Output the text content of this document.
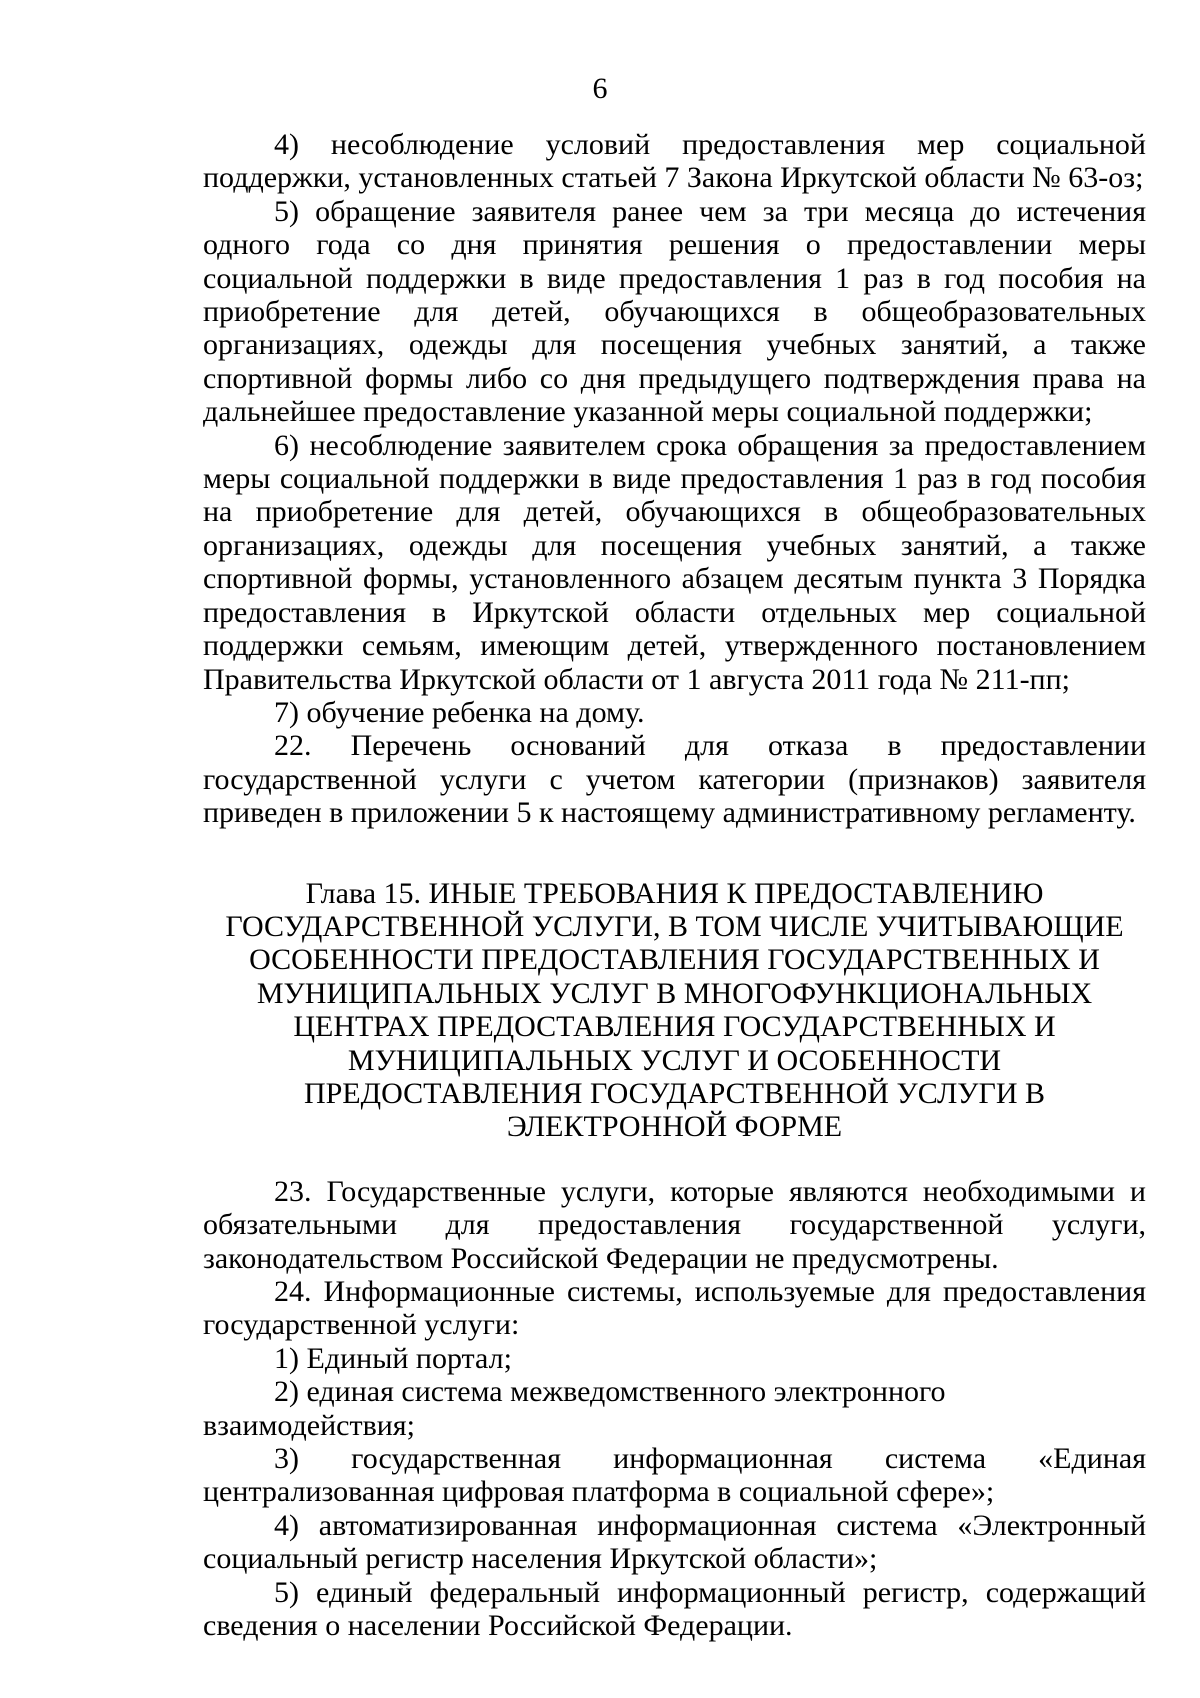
6

4) несоблюдение условий предоставления мер социальной поддержки, установленных статьей 7 Закона Иркутской области № 63-оз;

5) обращение заявителя ранее чем за три месяца до истечения одного года со дня принятия решения о предоставлении меры социальной поддержки в виде предоставления 1 раз в год пособия на приобретение для детей, обучающихся в общеобразовательных организациях, одежды для посещения учебных занятий, а также спортивной формы либо со дня предыдущего подтверждения права на дальнейшее предоставление указанной меры социальной поддержки;

6) несоблюдение заявителем срока обращения за предоставлением меры социальной поддержки в виде предоставления 1 раз в год пособия на приобретение для детей, обучающихся в общеобразовательных организациях, одежды для посещения учебных занятий, а также спортивной формы, установленного абзацем десятым пункта 3 Порядка предоставления в Иркутской области отдельных мер социальной поддержки семьям, имеющим детей, утвержденного постановлением Правительства Иркутской области от 1 августа 2011 года № 211-пп;

7) обучение ребенка на дому.

22. Перечень оснований для отказа в предоставлении государственной услуги с учетом категории (признаков) заявителя приведен в приложении 5 к настоящему административному регламенту.

Глава 15. ИНЫЕ ТРЕБОВАНИЯ К ПРЕДОСТАВЛЕНИЮ ГОСУДАРСТВЕННОЙ УСЛУГИ, В ТОМ ЧИСЛЕ УЧИТЫВАЮЩИЕ ОСОБЕННОСТИ ПРЕДОСТАВЛЕНИЯ ГОСУДАРСТВЕННЫХ И МУНИЦИПАЛЬНЫХ УСЛУГ В МНОГОФУНКЦИОНАЛЬНЫХ ЦЕНТРАХ ПРЕДОСТАВЛЕНИЯ ГОСУДАРСТВЕННЫХ И МУНИЦИПАЛЬНЫХ УСЛУГ И ОСОБЕННОСТИ ПРЕДОСТАВЛЕНИЯ ГОСУДАРСТВЕННОЙ УСЛУГИ В ЭЛЕКТРОННОЙ ФОРМЕ

23. Государственные услуги, которые являются необходимыми и обязательными для предоставления государственной услуги, законодательством Российской Федерации не предусмотрены.

24. Информационные системы, используемые для предоставления государственной услуги:

1) Единый портал;

2) единая система межведомственного электронного взаимодействия;

3) государственная информационная система «Единая централизованная цифровая платформа в социальной сфере»;

4) автоматизированная информационная система «Электронный социальный регистр населения Иркутской области»;

5) единый федеральный информационный регистр, содержащий сведения о населении Российской Федерации.
